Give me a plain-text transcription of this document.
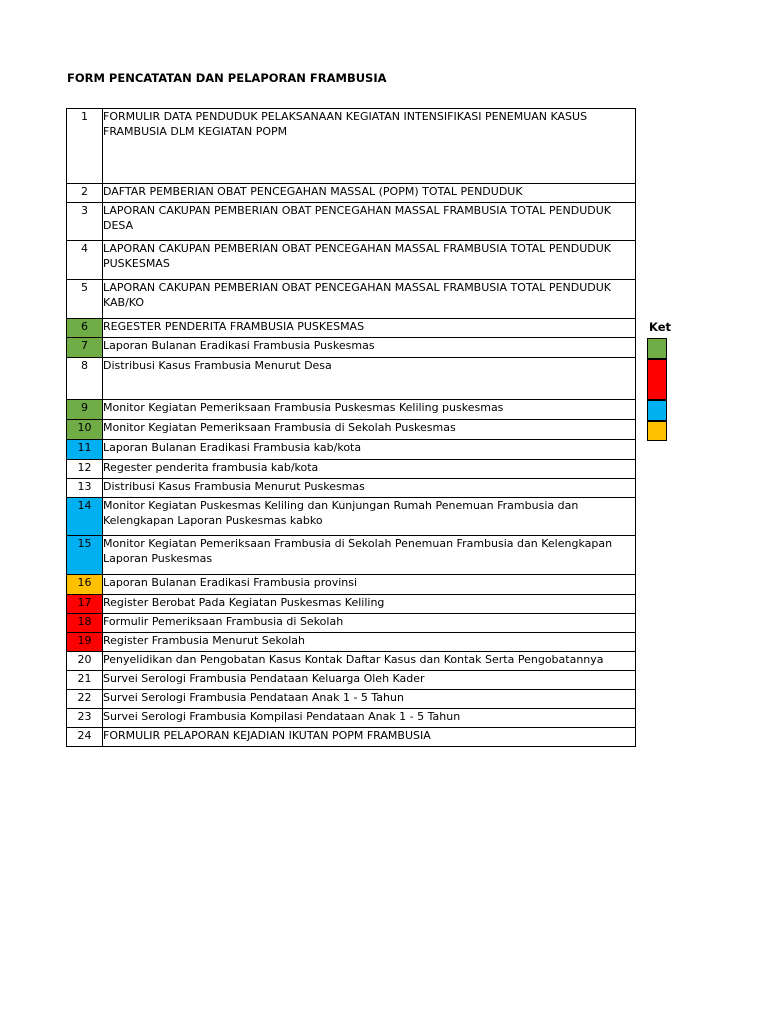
FORM PENCATATAN DAN PELAPORAN FRAMBUSIA
1	FORMULIR DATA PENDUDUK PELAKSANAAN KEGIATAN INTENSIFIKASI PENEMUAN KASUS FRAMBUSIA DLM KEGIATAN POPM
2	DAFTAR PEMBERIAN OBAT PENCEGAHAN MASSAL (POPM) TOTAL PENDUDUK
3	LAPORAN CAKUPAN PEMBERIAN OBAT PENCEGAHAN MASSAL FRAMBUSIA TOTAL PENDUDUK DESA
4	LAPORAN CAKUPAN PEMBERIAN OBAT PENCEGAHAN MASSAL FRAMBUSIA TOTAL PENDUDUK PUSKESMAS
5	LAPORAN CAKUPAN PEMBERIAN OBAT PENCEGAHAN MASSAL FRAMBUSIA TOTAL PENDUDUK KAB/KO
6	REGESTER PENDERITA FRAMBUSIA PUSKESMAS
7	Laporan Bulanan Eradikasi Frambusia Puskesmas
8	Distribusi Kasus Frambusia Menurut Desa
9	Monitor Kegiatan Pemeriksaan Frambusia Puskesmas Keliling puskesmas
10	Monitor Kegiatan Pemeriksaan Frambusia di Sekolah Puskesmas
11	Laporan Bulanan Eradikasi Frambusia kab/kota
12	Regester penderita frambusia kab/kota
13	Distribusi Kasus Frambusia Menurut Puskesmas
14	Monitor Kegiatan Puskesmas Keliling dan Kunjungan Rumah Penemuan Frambusia dan Kelengkapan Laporan Puskesmas kabko
15	Monitor Kegiatan Pemeriksaan Frambusia di Sekolah Penemuan Frambusia dan Kelengkapan Laporan Puskesmas
16	Laporan Bulanan Eradikasi Frambusia provinsi
17	Register Berobat Pada Kegiatan Puskesmas Keliling
18	Formulir Pemeriksaan Frambusia di Sekolah
19	Register Frambusia Menurut Sekolah
20	Penyelidikan dan Pengobatan Kasus Kontak Daftar Kasus dan Kontak Serta Pengobatannya
21	Survei Serologi Frambusia Pendataan Keluarga Oleh Kader
22	Survei Serologi Frambusia Pendataan Anak 1 - 5 Tahun
23	Survei Serologi Frambusia Kompilasi Pendataan Anak 1 - 5 Tahun
24	FORMULIR PELAPORAN KEJADIAN IKUTAN POPM FRAMBUSIA
Ket
